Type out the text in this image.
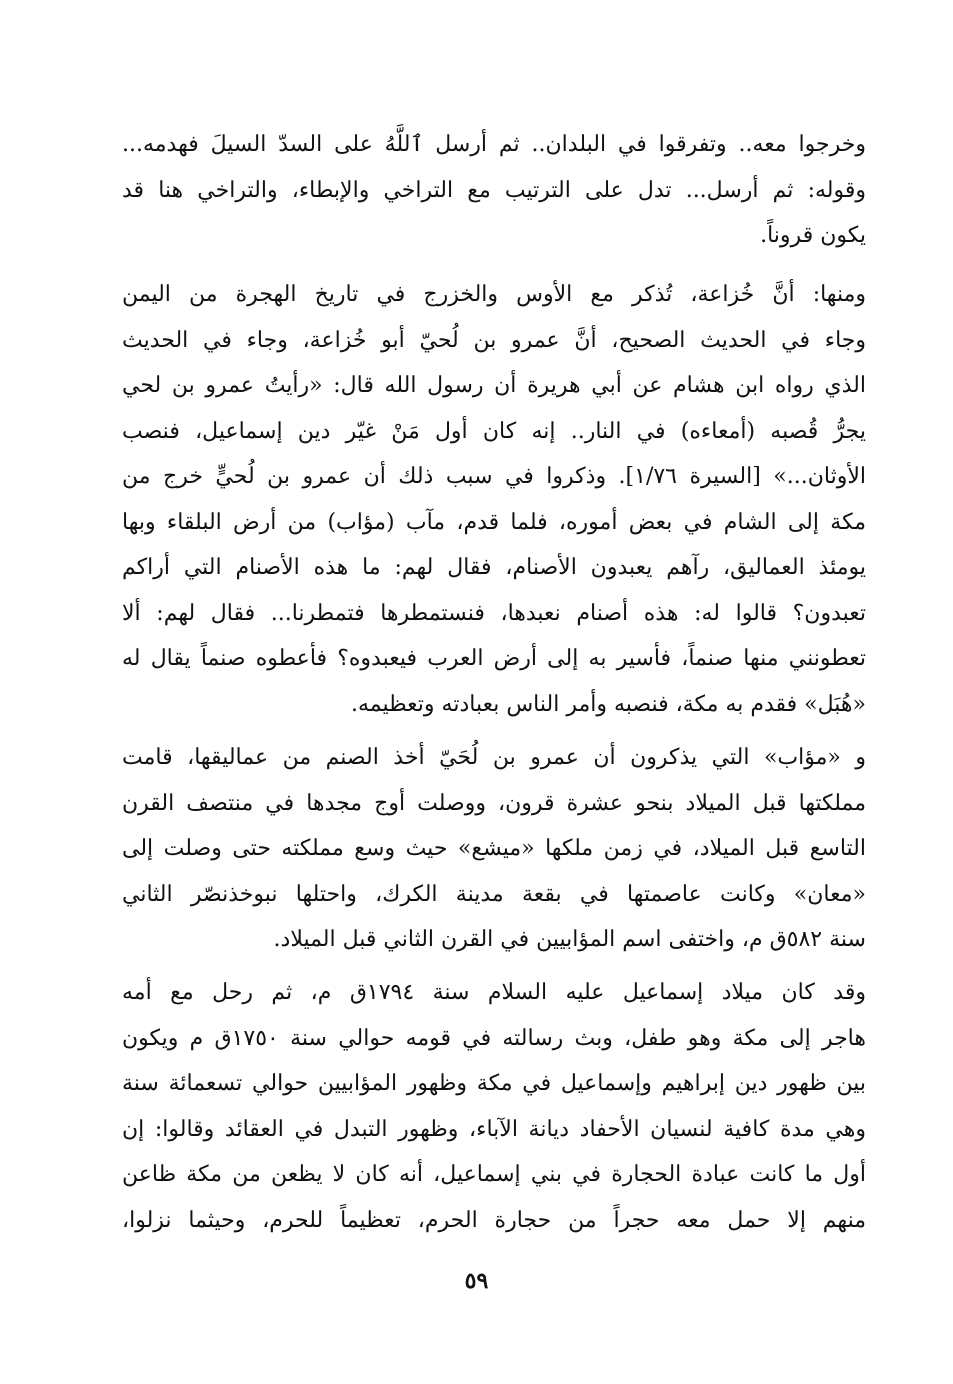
وخرجوا معه.. وتفرقوا في البلدان.. ثم أرسل ٱللَّهُ على السدّ السيلَ فهدمه...
وقوله: ثم أرسل... تدل على الترتيب مع التراخي والإبطاء، والتراخي هنا قد
يكون قروناً.
ومنها: أنَّ خُزاعة، تُذكر مع الأوس والخزرج في تاريخ الهجرة من اليمن
وجاء في الحديث الصحيح، أنَّ عمرو بن لُحيّ أبو خُزاعة، وجاء في الحديث
الذي رواه ابن هشام عن أبي هريرة أن رسول الله قال: «رأيتُ عمرو بن لحي
يجرُّ قُصبه (أمعاءه) في النار.. إنه كان أول مَنْ غيّر دين إسماعيل، فنصب
الأوثان...» [السيرة ١/٧٦]. وذكروا في سبب ذلك أن عمرو بن لُحيٍّ خرج من
مكة إلى الشام في بعض أموره، فلما قدم، مآب (مؤاب) من أرض البلقاء وبها
يومئذ العماليق، رآهم يعبدون الأصنام، فقال لهم: ما هذه الأصنام التي أراكم
تعبدون؟ قالوا له: هذه أصنام نعبدها، فنستمطرها فتمطرنا... فقال لهم: ألا
تعطونني منها صنماً، فأسير به إلى أرض العرب فيعبدوه؟ فأعطوه صنماً يقال له
«هُبَل» فقدم به مكة، فنصبه وأمر الناس بعبادته وتعظيمه.
و «مؤاب» التي يذكرون أن عمرو بن لُحَيّ أخذ الصنم من عماليقها، قامت
مملكتها قبل الميلاد بنحو عشرة قرون، ووصلت أوج مجدها في منتصف القرن
التاسع قبل الميلاد، في زمن ملكها «ميشع» حيث وسع مملكته حتى وصلت إلى
«معان» وكانت عاصمتها في بقعة مدينة الكرك، واحتلها نبوخذنصّر الثاني
سنة ٥٨٢ق م، واختفى اسم المؤابيين في القرن الثاني قبل الميلاد.
وقد كان ميلاد إسماعيل عليه السلام سنة ١٧٩٤ق م، ثم رحل مع أمه
هاجر إلى مكة وهو طفل، وبث رسالته في قومه حوالي سنة ١٧٥٠ق م ويكون
بين ظهور دين إبراهيم وإسماعيل في مكة وظهور المؤابيين حوالي تسعمائة سنة
وهي مدة كافية لنسيان الأحفاد ديانة الآباء، وظهور التبدل في العقائد وقالوا: إن
أول ما كانت عبادة الحجارة في بني إسماعيل، أنه كان لا يظعن من مكة ظاعن
منهم إلا حمل معه حجراً من حجارة الحرم، تعظيماً للحرم، وحيثما نزلوا،
٥٩
